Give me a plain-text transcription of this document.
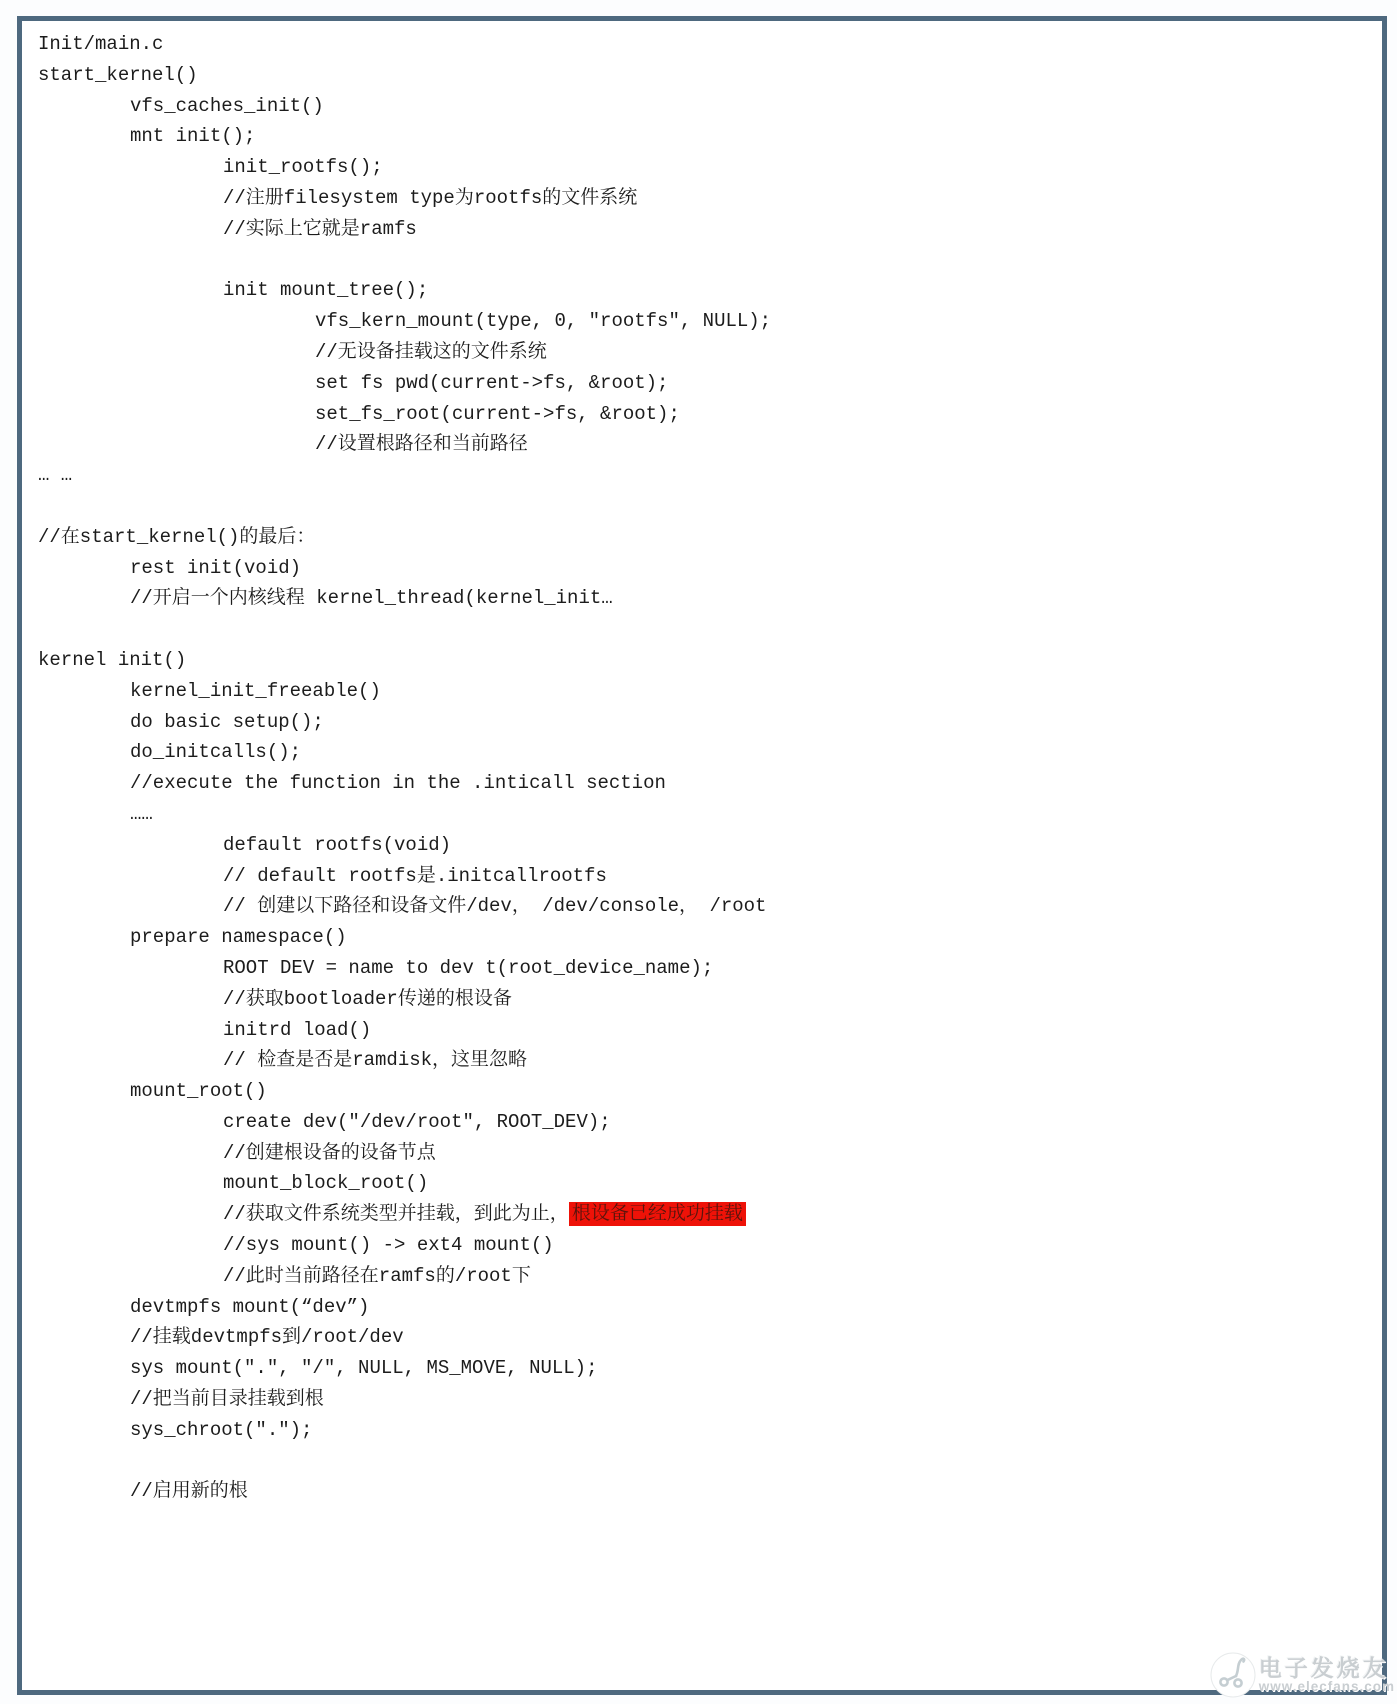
Init/main.c
start_kernel()
vfs_caches_init()
mnt init();
init_rootfs();
//注册filesystem type为rootfs的文件系统
//实际上它就是ramfs

init mount_tree();
vfs_kern_mount(type, 0, "rootfs", NULL);
//无设备挂载这的文件系统
set fs pwd(current->fs, &root);
set_fs_root(current->fs, &root);
//设置根路径和当前路径
… …

//在start_kernel()的最后：
rest init(void)
//开启一个内核线程 kernel_thread(kernel_init…

kernel init()
kernel_init_freeable()
do basic setup();
do_initcalls();
//execute the function in the .inticall section
……
default rootfs(void)
// default rootfs是.initcallrootfs
// 创建以下路径和设备文件/dev， /dev/console， /root
prepare namespace()
ROOT DEV = name to dev t(root_device_name);
//获取bootloader传递的根设备
initrd load()
// 检查是否是ramdisk，这里忽略
mount_root()
create dev("/dev/root", ROOT_DEV);
//创建根设备的设备节点
mount_block_root()
//获取文件系统类型并挂载，到此为止， 根设备已经成功挂载
//sys mount() -> ext4 mount()
//此时当前路径在ramfs的/root下
devtmpfs mount(“dev”)
//挂载devtmpfs到/root/dev
sys mount(".", "/", NULL, MS_MOVE, NULL);
//把当前目录挂载到根
sys_chroot(".");

//启用新的根
电子发烧友
www.elecfans.com
